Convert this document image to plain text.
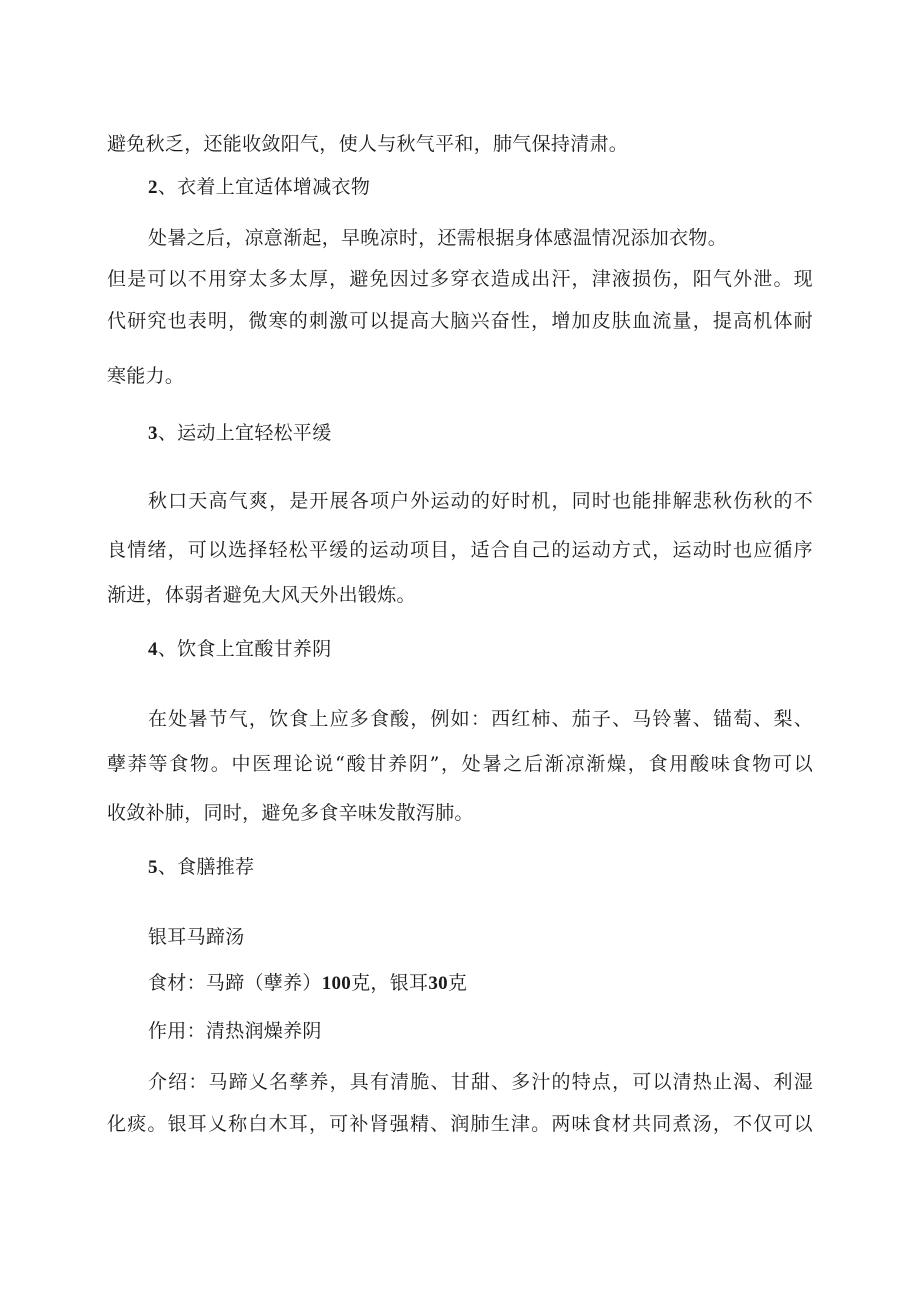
避免秋乏，还能收敛阳气，使人与秋气平和，肺气保持清肃。
2、衣着上宜适体增减衣物
处暑之后，凉意渐起，早晚凉时，还需根据身体感温情况添加衣物。
但是可以不用穿太多太厚，避免因过多穿衣造成出汗，津液损伤，阳气外泄。现
代研究也表明，微寒的刺激可以提高大脑兴奋性，增加皮肤血流量，提高机体耐
寒能力。
3、运动上宜轻松平缓
秋口天高气爽，是开展各项户外运动的好时机，同时也能排解悲秋伤秋的不
良情绪，可以选择轻松平缓的运动项目，适合自己的运动方式，运动时也应循序
渐进，体弱者避免大风天外出锻炼。
4、饮食上宜酸甘养阴
在处暑节气，饮食上应多食酸，例如：西红柿、茄子、马铃薯、锚萄、梨、
孽莽等食物。中医理论说“酸甘养阴”，处暑之后渐凉渐燥，食用酸味食物可以
收敛补肺，同时，避免多食辛味发散泻肺。
5、食膳推荐
银耳马蹄汤
食材：马蹄（孽养）100克，银耳30克
作用：清热润燥养阴
介绍：马蹄乂名孳养，具有清脆、甘甜、多汁的特点，可以清热止渴、利湿
化痰。银耳乂称白木耳，可补肾强精、润肺生津。两味食材共同煮汤，不仅可以
